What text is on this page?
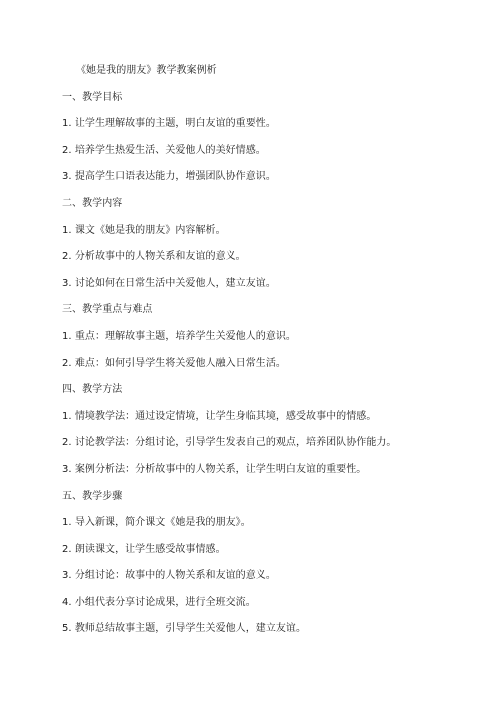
《她是我的朋友》教学教案例析
一、教学目标
1. 让学生理解故事的主题，明白友谊的重要性。
2. 培养学生热爱生活、关爱他人的美好情感。
3. 提高学生口语表达能力，增强团队协作意识。
二、教学内容
1. 课文《她是我的朋友》内容解析。
2. 分析故事中的人物关系和友谊的意义。
3. 讨论如何在日常生活中关爱他人，建立友谊。
三、教学重点与难点
1. 重点：理解故事主题，培养学生关爱他人的意识。
2. 难点：如何引导学生将关爱他人融入日常生活。
四、教学方法
1. 情境教学法：通过设定情境，让学生身临其境，感受故事中的情感。
2. 讨论教学法：分组讨论，引导学生发表自己的观点，培养团队协作能力。
3. 案例分析法：分析故事中的人物关系，让学生明白友谊的重要性。
五、教学步骤
1. 导入新课，简介课文《她是我的朋友》。
2. 朗读课文，让学生感受故事情感。
3. 分组讨论：故事中的人物关系和友谊的意义。
4. 小组代表分享讨论成果，进行全班交流。
5. 教师总结故事主题，引导学生关爱他人，建立友谊。
